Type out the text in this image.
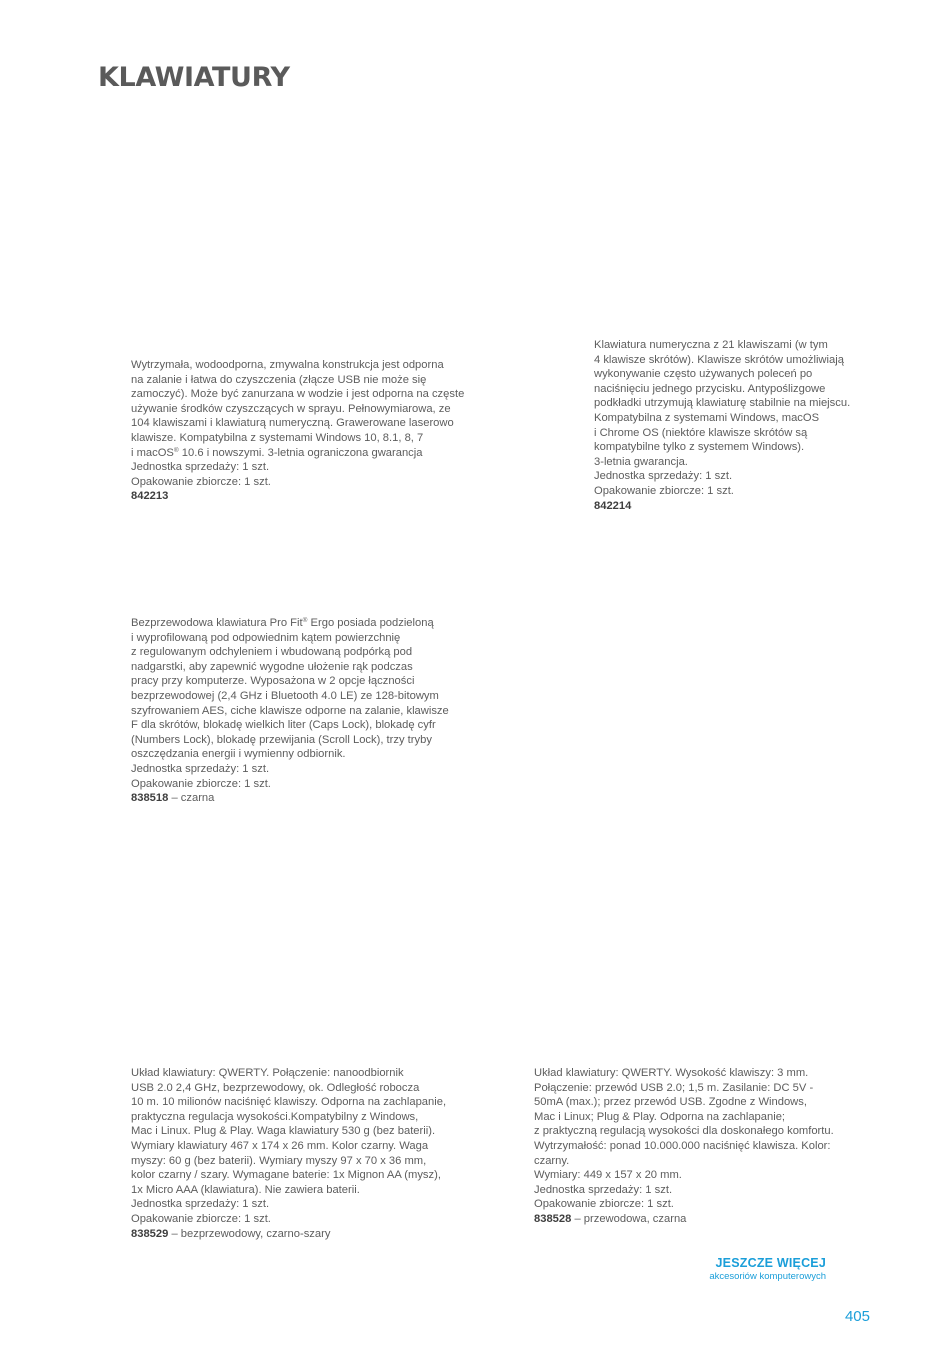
KLAWIATURY
Wytrzymała, wodoodporna, zmywalna konstrukcja jest odporna
na zalanie i łatwa do czyszczenia (złącze USB nie może się
zamoczyć). Może być zanurzana w wodzie i jest odporna na częste
używanie środków czyszczących w sprayu. Pełnowymiarowa, ze
104 klawiszami i klawiaturą numeryczną. Grawerowane laserowo
klawisze. Kompatybilna z systemami Windows 10, 8.1, 8, 7
i macOS® 10.6 i nowszymi. 3-letnia ograniczona gwarancja
Jednostka sprzedaży: 1 szt.
Opakowanie zbiorcze: 1 szt.
842213
Klawiatura numeryczna z 21 klawiszami (w tym
4 klawisze skrótów). Klawisze skrótów umożliwiają
wykonywanie często używanych poleceń po
naciśnięciu jednego przycisku. Antypoślizgowe
podkładki utrzymują klawiaturę stabilnie na miejscu.
Kompatybilna z systemami Windows, macOS
i Chrome OS (niektóre klawisze skrótów są
kompatybilne tylko z systemem Windows).
3-letnia gwarancja.
Jednostka sprzedaży: 1 szt.
Opakowanie zbiorcze: 1 szt.
842214
Bezprzewodowa klawiatura Pro Fit® Ergo posiada podzieloną
i wyprofilowaną pod odpowiednim kątem powierzchnię
z regulowanym odchyleniem i wbudowaną podpórką pod
nadgarstki, aby zapewnić wygodne ułożenie rąk podczas
pracy przy komputerze. Wyposażona w 2 opcje łączności
bezprzewodowej (2,4 GHz i Bluetooth 4.0 LE) ze 128-bitowym
szyfrowaniem AES, ciche klawisze odporne na zalanie, klawisze
F dla skrótów, blokadę wielkich liter (Caps Lock), blokadę cyfr
(Numbers Lock), blokadę przewijania (Scroll Lock), trzy tryby
oszczędzania energii i wymienny odbiornik.
Jednostka sprzedaży: 1 szt.
Opakowanie zbiorcze: 1 szt.
838518 – czarna
Układ klawiatury: QWERTY. Połączenie: nanoodbiornik
USB 2.0 2,4 GHz, bezprzewodowy, ok. Odległość robocza
10 m. 10 milionów naciśnięć klawiszy. Odporna na zachlapanie,
praktyczna regulacja wysokości.Kompatybilny z Windows,
Mac i Linux. Plug & Play. Waga klawiatury 530 g (bez baterii).
Wymiary klawiatury 467 x 174 x 26 mm. Kolor czarny. Waga
myszy: 60 g (bez baterii). Wymiary myszy 97 x 70 x 36 mm,
kolor czarny / szary. Wymagane baterie: 1x Mignon AA (mysz),
1x Micro AAA (klawiatura). Nie zawiera baterii.
Jednostka sprzedaży: 1 szt.
Opakowanie zbiorcze: 1 szt.
838529 – bezprzewodowy, czarno-szary
Układ klawiatury: QWERTY. Wysokość klawiszy: 3 mm.
Połączenie: przewód USB 2.0; 1,5 m. Zasilanie: DC 5V -
50mA (max.); przez przewód USB. Zgodne z Windows,
Mac i Linux; Plug & Play. Odporna na zachlapanie;
z praktyczną regulacją wysokości dla doskonałego komfortu.
Wytrzymałość: ponad 10.000.000 naciśnięć klawisza. Kolor:
czarny.
Wymiary: 449 x 157 x 20 mm.
Jednostka sprzedaży: 1 szt.
Opakowanie zbiorcze: 1 szt.
838528 – przewodowa, czarna
JESZCZE WIĘCEJ
akcesoriów komputerowych
405
